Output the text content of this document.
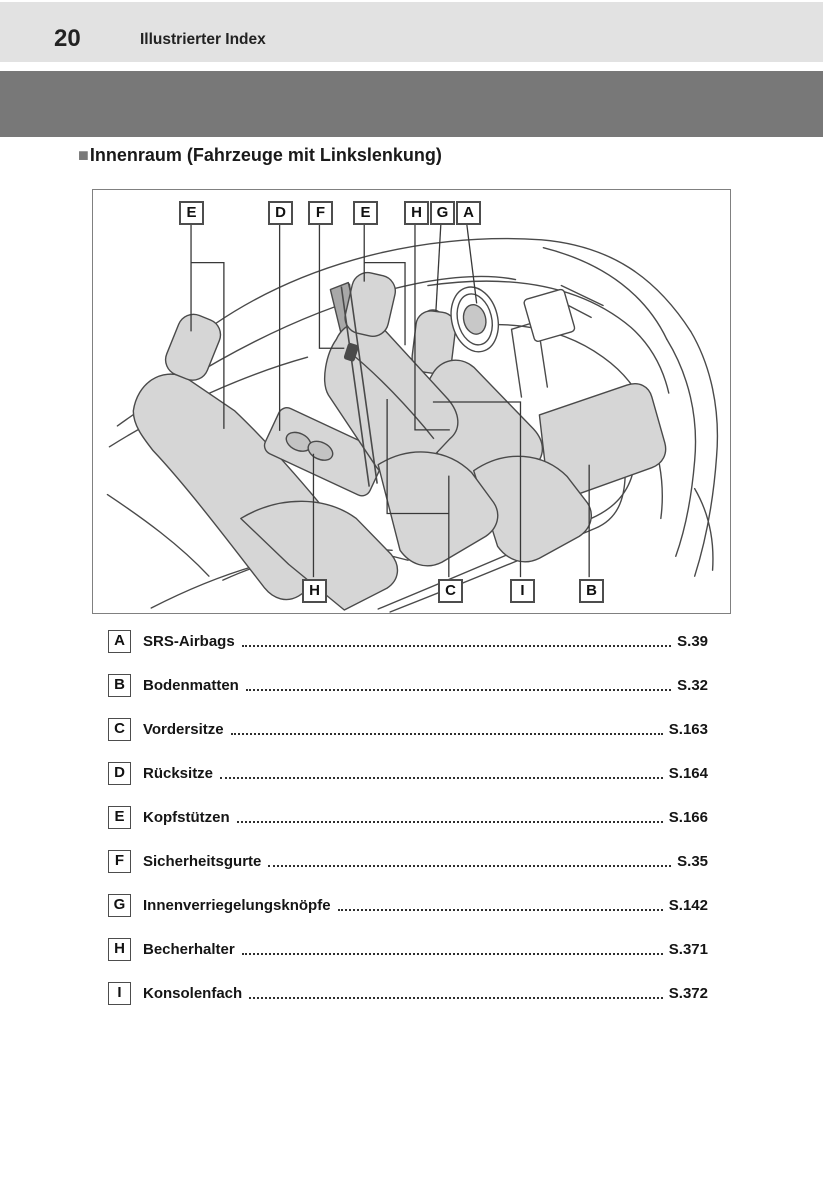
20	Illustrierter Index
■Innenraum (Fahrzeuge mit Linkslenkung)
E	D	F	E	H G A
H	C	I	B
A	SRS-Airbags	S.39
B	Bodenmatten	S.32
C	Vordersitze	S.163
D	Rücksitze	S.164
E	Kopfstützen	S.166
F	Sicherheitsgurte	S.35
G	Innenverriegelungsknöpfe	S.142
H	Becherhalter	S.371
I	Konsolenfach	S.372
